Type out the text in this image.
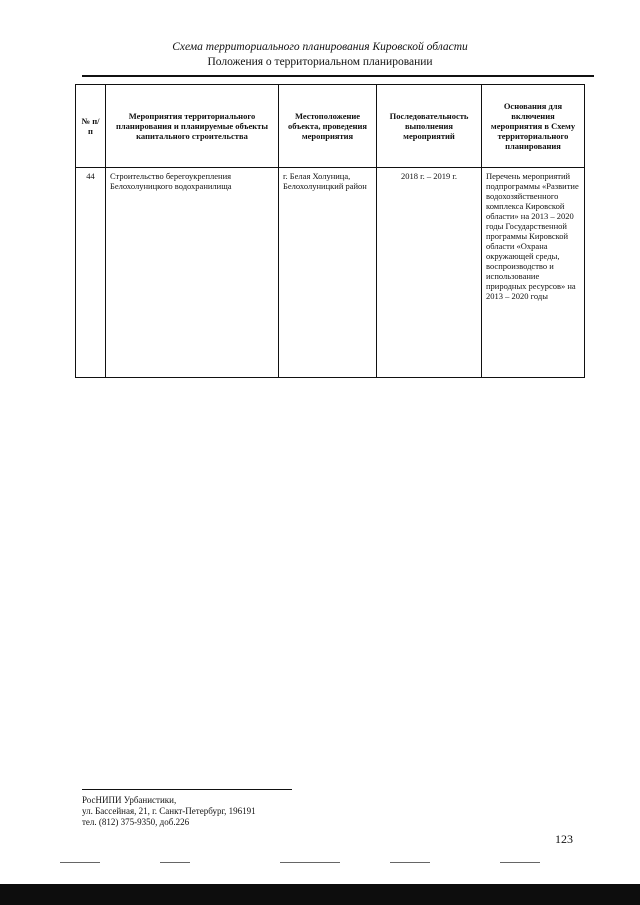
Схема территориального планирования Кировской области
Положения о территориальном планировании
№ п/п	Мероприятия территориального планирования и планируемые объекты капитального строительства	Местоположение объекта, проведения мероприятия	Последовательность выполнения мероприятий	Основания для включения мероприятия в Схему территориального планирования
44	Строительство берегоукрепления Белохолуницкого водохранилища	г. Белая Холуница, Белохолуницкий район	2018 г. – 2019 г.	Перечень мероприятий подпрограммы «Развитие водохозяйственного комплекса Кировской области» на 2013 – 2020 годы Государственной программы Кировской области «Охрана окружающей среды, воспроизводство и использование природных ресурсов» на 2013 – 2020 годы
РосНИПИ Урбанистики,
ул. Бассейная, 21, г. Санкт-Петербург, 196191
тел. (812) 375-9350, доб.226
123
